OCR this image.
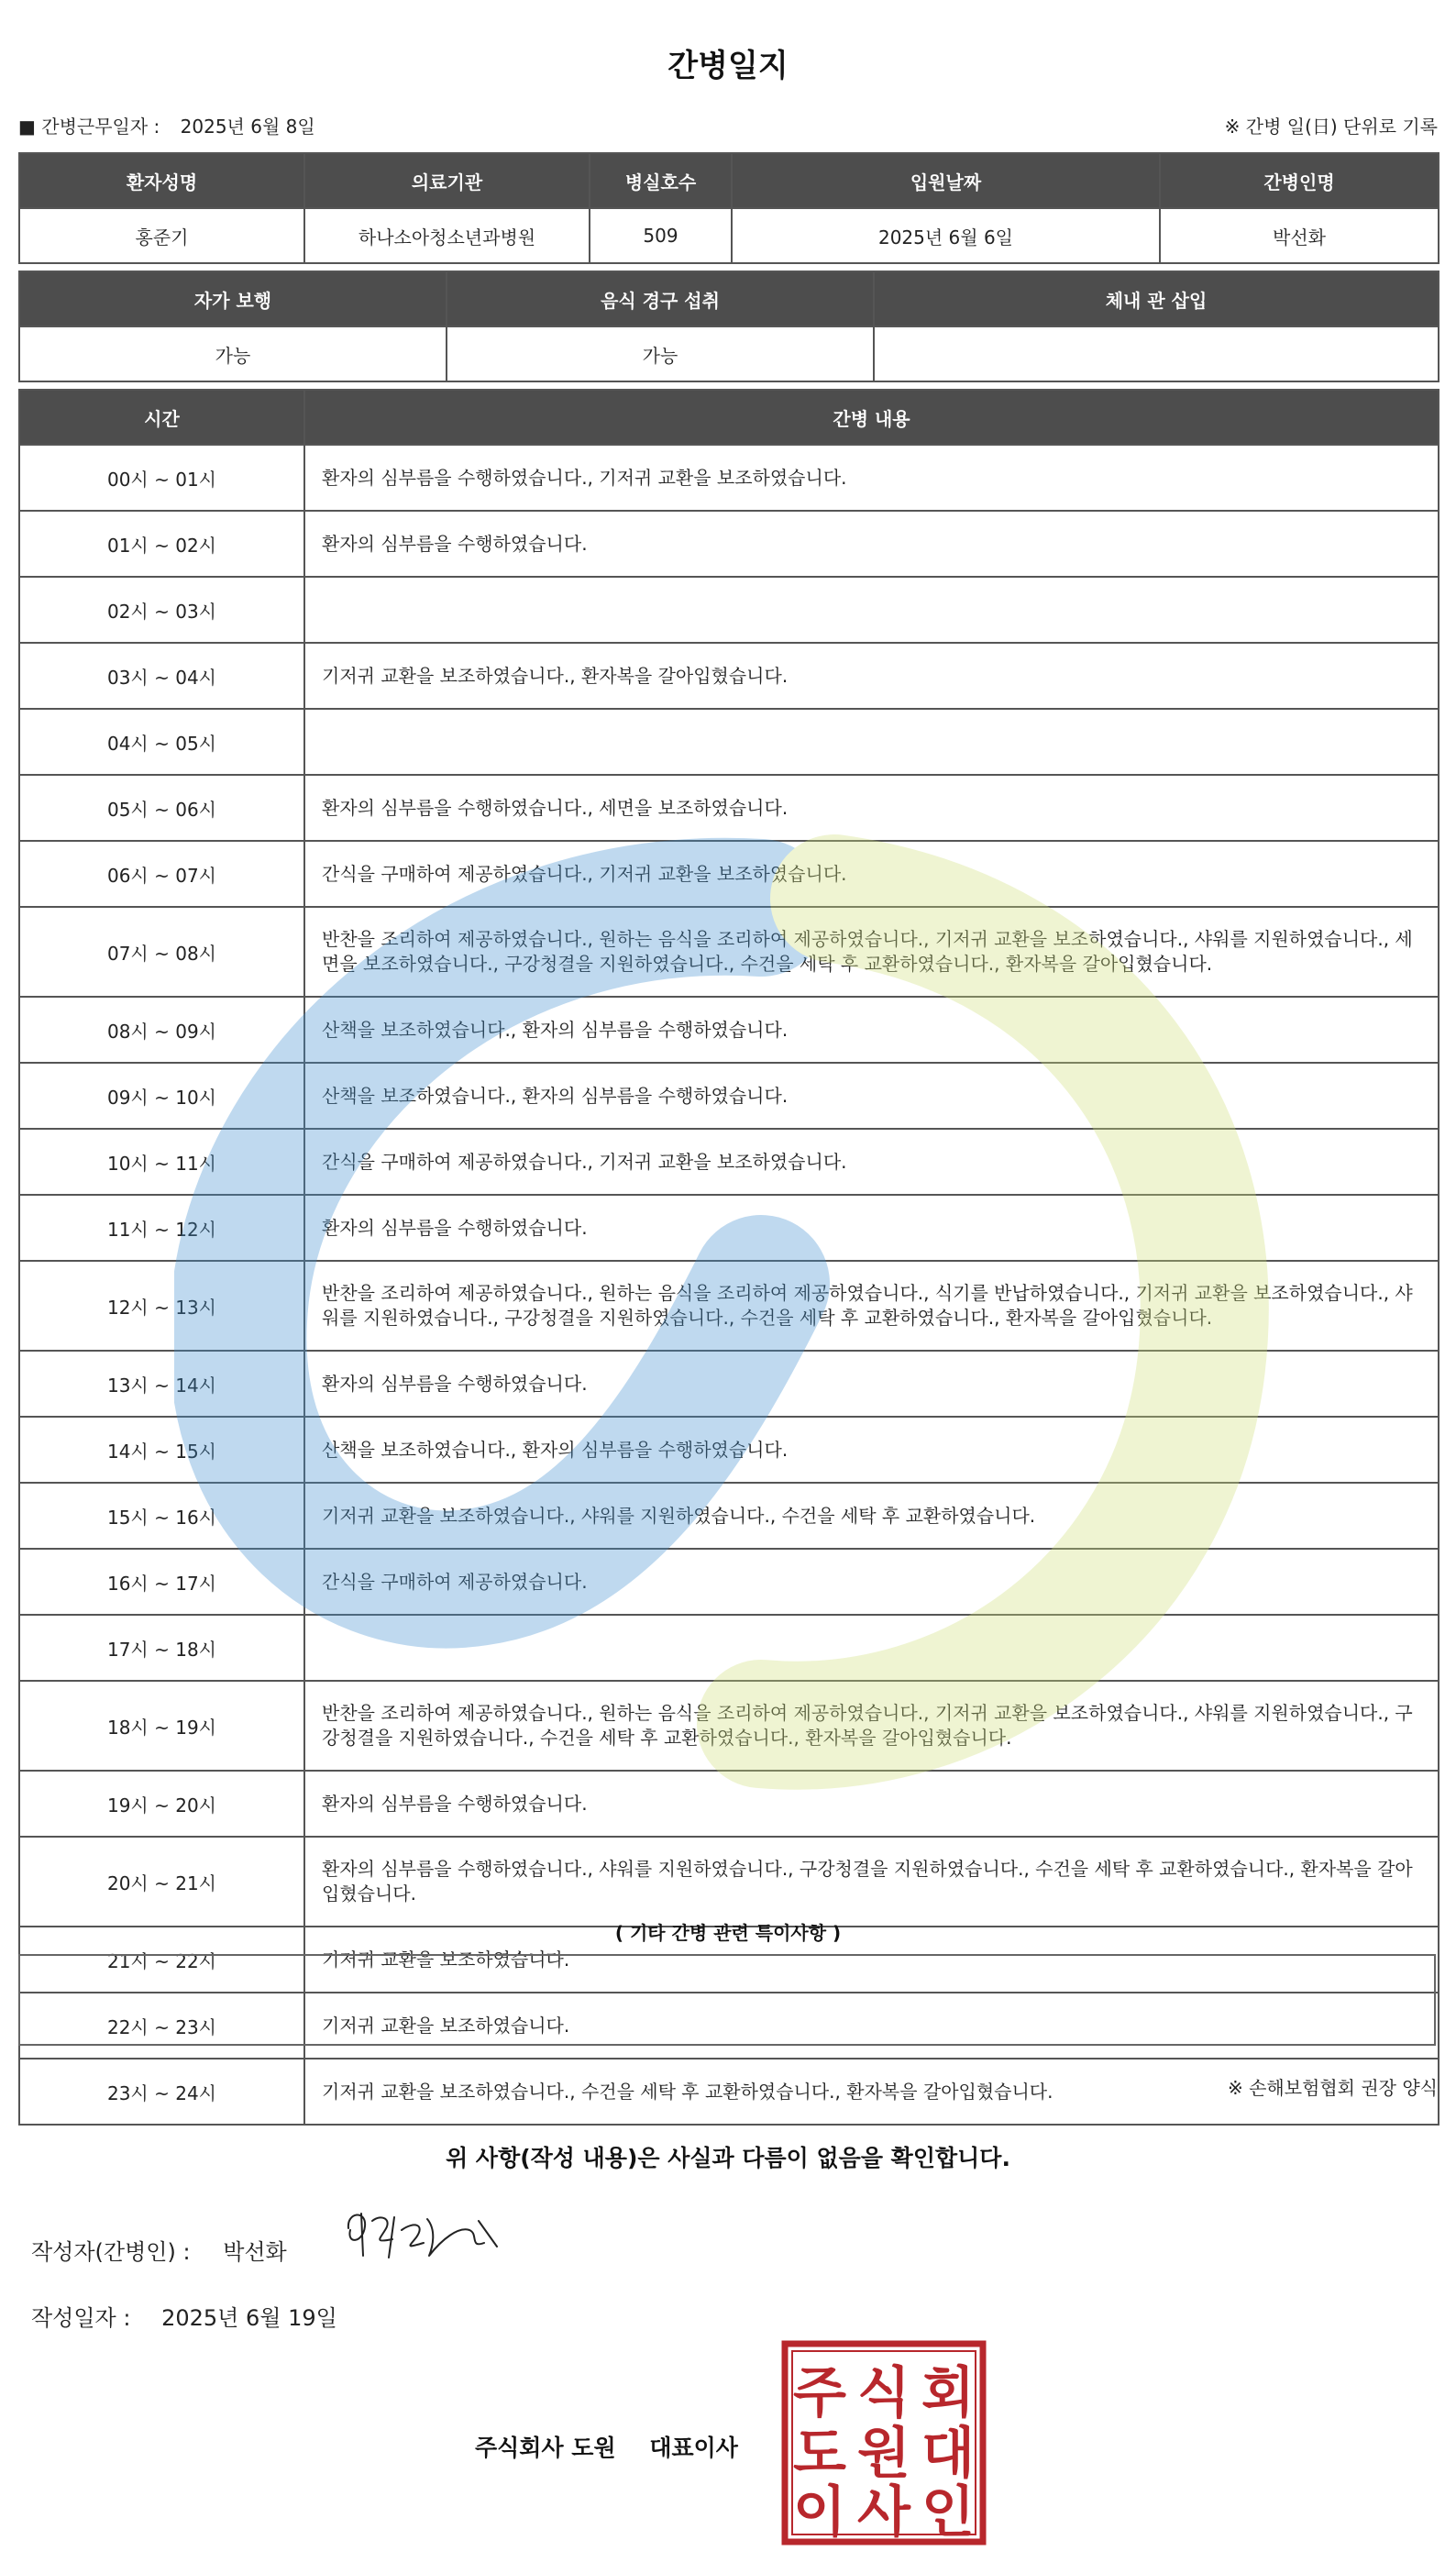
간병일지
■ 간병근무일자 : 2025년 6월 8일	※ 간병 일(日) 단위로 기록
환자성명	의료기관	병실호수	입원날짜	간병인명
홍준기	하나소아청소년과병원	509	2025년 6월 6일	박선화
자가 보행	음식 경구 섭취	체내 관 삽입
가능	가능	
시간	간병 내용
00시 ~ 01시	환자의 심부름을 수행하였습니다., 기저귀 교환을 보조하였습니다.
01시 ~ 02시	환자의 심부름을 수행하였습니다.
02시 ~ 03시	
03시 ~ 04시	기저귀 교환을 보조하였습니다., 환자복을 갈아입혔습니다.
04시 ~ 05시	
05시 ~ 06시	환자의 심부름을 수행하였습니다., 세면을 보조하였습니다.
06시 ~ 07시	간식을 구매하여 제공하였습니다., 기저귀 교환을 보조하였습니다.
07시 ~ 08시	반찬을 조리하여 제공하였습니다., 원하는 음식을 조리하여 제공하였습니다., 기저귀 교환을 보조하였습니다., 샤워를 지원하였습니다., 세면을 보조하였습니다., 구강청결을 지원하였습니다., 수건을 세탁 후 교환하였습니다., 환자복을 갈아입혔습니다.
08시 ~ 09시	산책을 보조하였습니다., 환자의 심부름을 수행하였습니다.
09시 ~ 10시	산책을 보조하였습니다., 환자의 심부름을 수행하였습니다.
10시 ~ 11시	간식을 구매하여 제공하였습니다., 기저귀 교환을 보조하였습니다.
11시 ~ 12시	환자의 심부름을 수행하였습니다.
12시 ~ 13시	반찬을 조리하여 제공하였습니다., 원하는 음식을 조리하여 제공하였습니다., 식기를 반납하였습니다., 기저귀 교환을 보조하였습니다., 샤워를 지원하였습니다., 구강청결을 지원하였습니다., 수건을 세탁 후 교환하였습니다., 환자복을 갈아입혔습니다.
13시 ~ 14시	환자의 심부름을 수행하였습니다.
14시 ~ 15시	산책을 보조하였습니다., 환자의 심부름을 수행하였습니다.
15시 ~ 16시	기저귀 교환을 보조하였습니다., 샤워를 지원하였습니다., 수건을 세탁 후 교환하였습니다.
16시 ~ 17시	간식을 구매하여 제공하였습니다.
17시 ~ 18시	
18시 ~ 19시	반찬을 조리하여 제공하였습니다., 원하는 음식을 조리하여 제공하였습니다., 기저귀 교환을 보조하였습니다., 샤워를 지원하였습니다., 구강청결을 지원하였습니다., 수건을 세탁 후 교환하였습니다., 환자복을 갈아입혔습니다.
19시 ~ 20시	환자의 심부름을 수행하였습니다.
20시 ~ 21시	환자의 심부름을 수행하였습니다., 샤워를 지원하였습니다., 구강청결을 지원하였습니다., 수건을 세탁 후 교환하였습니다., 환자복을 갈아입혔습니다.
21시 ~ 22시	기저귀 교환을 보조하였습니다.
22시 ~ 23시	기저귀 교환을 보조하였습니다.
23시 ~ 24시	기저귀 교환을 보조하였습니다., 수건을 세탁 후 교환하였습니다., 환자복을 갈아입혔습니다.
( 기타 간병 관련 특이사항 )
※ 손해보험협회 권장 양식
위 사항(작성 내용)은 사실과 다름이 없음을 확인합니다.
작성자(간병인) : 박선화
작성일자 : 2025년 6월 19일
주식회사 도원 대표이사
주 식 회
도 원 대
이 사 인
